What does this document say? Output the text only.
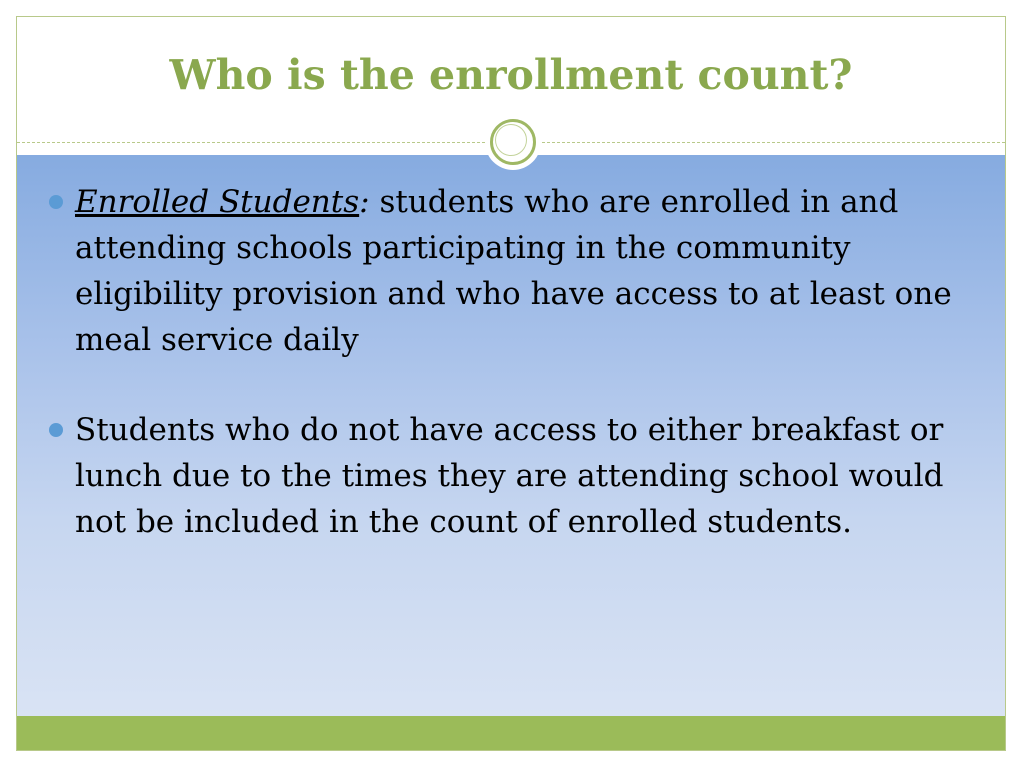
Who is the enrollment count?
Enrolled Students: students who are enrolled in and attending schools participating in the community eligibility provision and who have access to at least one meal service daily
Students who do not have access to either breakfast or lunch due to the times they are attending school would not be included in the count of enrolled students.
